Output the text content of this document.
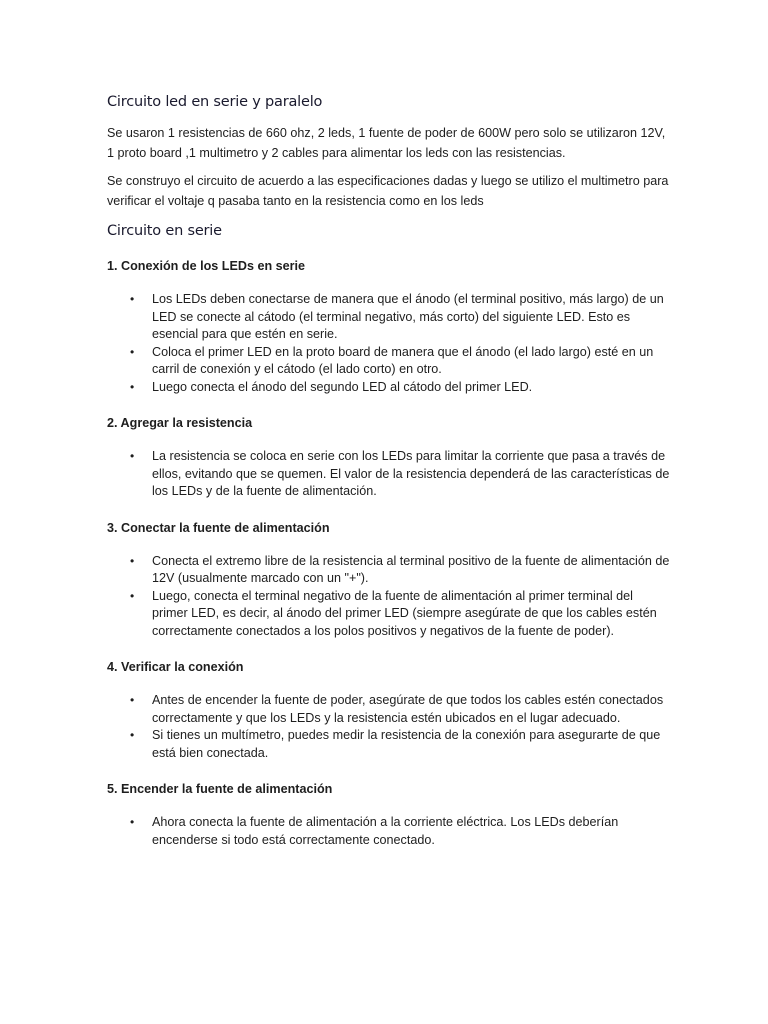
Circuito led en serie y paralelo

Se usaron 1 resistencias de 660 ohz, 2 leds, 1 fuente de poder de 600W pero solo se utilizaron 12V, 1 proto board ,1 multimetro y 2 cables para alimentar los leds con las resistencias.

Se construyo el circuito de acuerdo a las especificaciones dadas y luego se utilizo el multimetro para verificar el voltaje q pasaba tanto en la resistencia como en los leds

Circuito en serie
1. Conexión de los LEDs en serie
• Los LEDs deben conectarse de manera que el ánodo (el terminal positivo, más largo) de un LED se conecte al cátodo (el terminal negativo, más corto) del siguiente LED. Esto es esencial para que estén en serie.
• Coloca el primer LED en la proto board de manera que el ánodo (el lado largo) esté en un carril de conexión y el cátodo (el lado corto) en otro.
• Luego conecta el ánodo del segundo LED al cátodo del primer LED.
2. Agregar la resistencia
• La resistencia se coloca en serie con los LEDs para limitar la corriente que pasa a través de ellos, evitando que se quemen. El valor de la resistencia dependerá de las características de los LEDs y de la fuente de alimentación.
3. Conectar la fuente de alimentación
• Conecta el extremo libre de la resistencia al terminal positivo de la fuente de alimentación de 12V (usualmente marcado con un "+").
• Luego, conecta el terminal negativo de la fuente de alimentación al primer terminal del primer LED, es decir, al ánodo del primer LED (siempre asegúrate de que los cables estén correctamente conectados a los polos positivos y negativos de la fuente de poder).
4. Verificar la conexión
• Antes de encender la fuente de poder, asegúrate de que todos los cables estén conectados correctamente y que los LEDs y la resistencia estén ubicados en el lugar adecuado.
• Si tienes un multímetro, puedes medir la resistencia de la conexión para asegurarte de que está bien conectada.
5. Encender la fuente de alimentación
• Ahora conecta la fuente de alimentación a la corriente eléctrica. Los LEDs deberían encenderse si todo está correctamente conectado.
